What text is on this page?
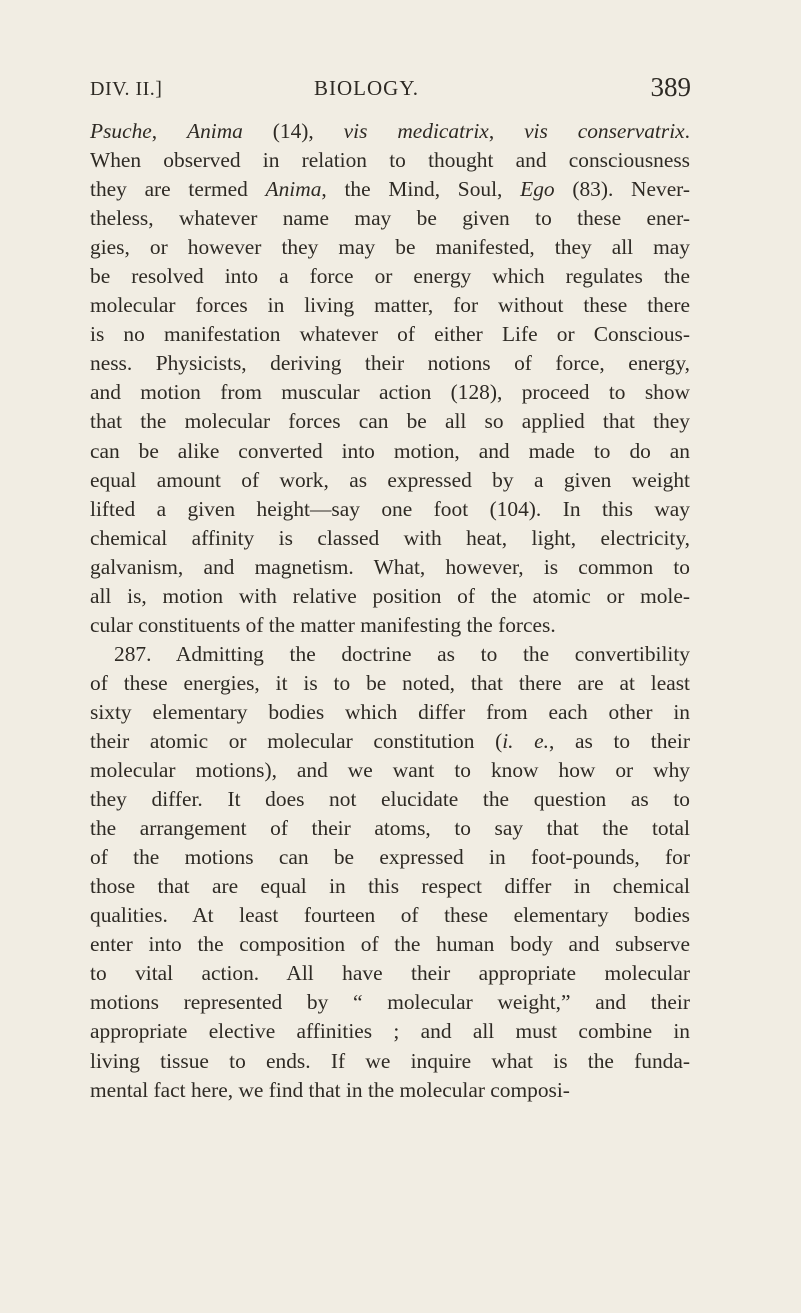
DIV. II.]	BIOLOGY.	389
Psuche, Anima (14), vis medicatrix, vis conservatrix.
When observed in relation to thought and consciousness
they are termed Anima, the Mind, Soul, Ego (83). Never-
theless, whatever name may be given to these ener-
gies, or however they may be manifested, they all may
be resolved into a force or energy which regulates the
molecular forces in living matter, for without these there
is no manifestation whatever of either Life or Conscious-
ness. Physicists, deriving their notions of force, energy,
and motion from muscular action (128), proceed to show
that the molecular forces can be all so applied that they
can be alike converted into motion, and made to do an
equal amount of work, as expressed by a given weight
lifted a given height—say one foot (104). In this way
chemical affinity is classed with heat, light, electricity,
galvanism, and magnetism. What, however, is common to
all is, motion with relative position of the atomic or mole-
cular constituents of the matter manifesting the forces.
287. Admitting the doctrine as to the convertibility
of these energies, it is to be noted, that there are at least
sixty elementary bodies which differ from each other in
their atomic or molecular constitution (i. e., as to their
molecular motions), and we want to know how or why
they differ. It does not elucidate the question as to
the arrangement of their atoms, to say that the total
of the motions can be expressed in foot-pounds, for
those that are equal in this respect differ in chemical
qualities. At least fourteen of these elementary bodies
enter into the composition of the human body and subserve
to vital action. All have their appropriate molecular
motions represented by “ molecular weight,” and their
appropriate elective affinities ; and all must combine in
living tissue to ends. If we inquire what is the funda-
mental fact here, we find that in the molecular composi-
